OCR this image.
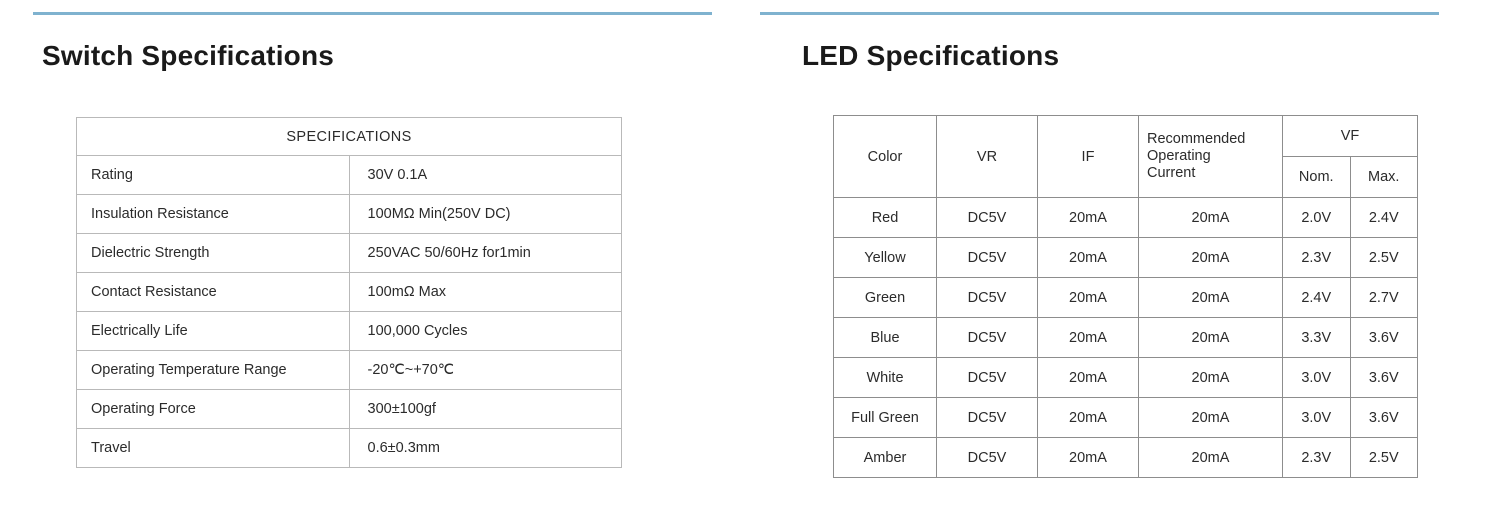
Switch Specifications
SPECIFICATIONS	
Rating	30V 0.1A
Insulation Resistance	100MΩ Min(250V DC)
Dielectric Strength	250VAC 50/60Hz for1min
Contact Resistance	100mΩ Max
Electrically Life	100,000 Cycles
Operating Temperature Range	-20℃~+70℃
Operating Force	300±100gf
Travel	0.6±0.3mm
LED Specifications
Color	VR	IF	Recommended
Operating
Current	VF	
				Nom.	Max.
Red	DC5V	20mA	20mA	2.0V	2.4V
Yellow	DC5V	20mA	20mA	2.3V	2.5V
Green	DC5V	20mA	20mA	2.4V	2.7V
Blue	DC5V	20mA	20mA	3.3V	3.6V
White	DC5V	20mA	20mA	3.0V	3.6V
Full Green	DC5V	20mA	20mA	3.0V	3.6V
Amber	DC5V	20mA	20mA	2.3V	2.5V
